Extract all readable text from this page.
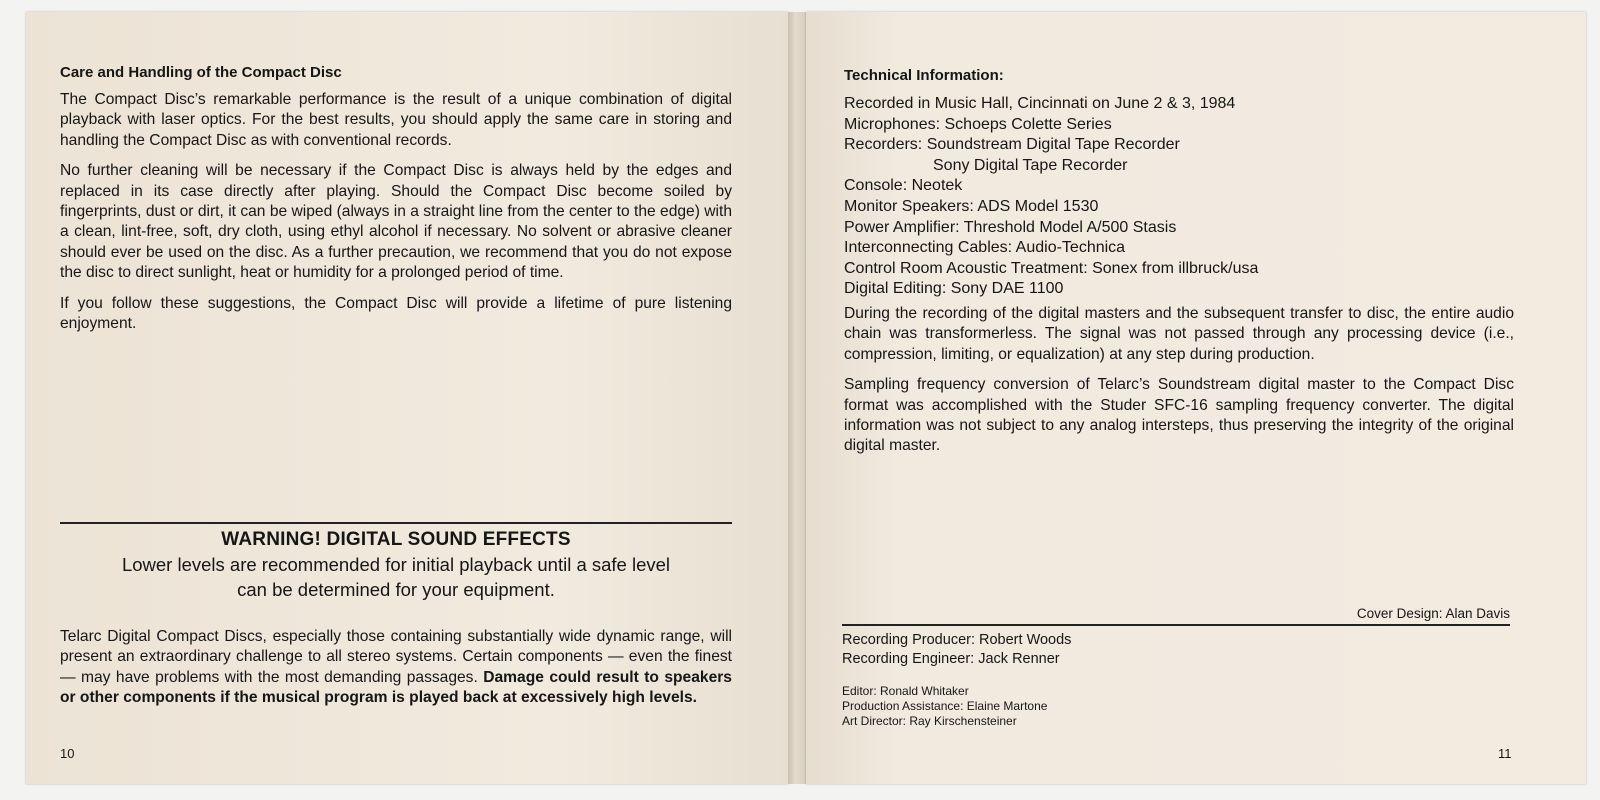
Care and Handling of the Compact Disc

The Compact Disc’s remarkable performance is the result of a unique combination of digital playback with laser optics. For the best results, you should apply the same care in storing and handling the Compact Disc as with conventional records.

No further cleaning will be necessary if the Compact Disc is always held by the edges and replaced in its case directly after playing. Should the Compact Disc become soiled by fingerprints, dust or dirt, it can be wiped (always in a straight line from the center to the edge) with a clean, lint-free, soft, dry cloth, using ethyl alcohol if necessary. No solvent or abrasive cleaner should ever be used on the disc. As a further precaution, we recommend that you do not expose the disc to direct sunlight, heat or humidity for a prolonged period of time.

If you follow these suggestions, the Compact Disc will provide a lifetime of pure listening enjoyment.

WARNING! DIGITAL SOUND EFFECTS
Lower levels are recommended for initial playback until a safe level
can be determined for your equipment.

Telarc Digital Compact Discs, especially those containing substantially wide dynamic range, will present an extraordinary challenge to all stereo systems. Certain components — even the finest — may have problems with the most demanding passages. Damage could result to speakers or other components if the musical program is played back at excessively high levels.

10
Technical Information:
Recorded in Music Hall, Cincinnati on June 2 & 3, 1984
Microphones: Schoeps Colette Series
Recorders: Soundstream Digital Tape Recorder
Sony Digital Tape Recorder
Console: Neotek
Monitor Speakers: ADS Model 1530
Power Amplifier: Threshold Model A/500 Stasis
Interconnecting Cables: Audio-Technica
Control Room Acoustic Treatment: Sonex from illbruck/usa
Digital Editing: Sony DAE 1100

During the recording of the digital masters and the subsequent transfer to disc, the entire audio chain was transformerless. The signal was not passed through any processing device (i.e., compression, limiting, or equalization) at any step during production.

Sampling frequency conversion of Telarc’s Soundstream digital master to the Compact Disc format was accomplished with the Studer SFC-16 sampling frequency converter. The digital information was not subject to any analog intersteps, thus preserving the integrity of the original digital master.

Cover Design: Alan Davis
Recording Producer: Robert Woods
Recording Engineer: Jack Renner
Editor: Ronald Whitaker
Production Assistance: Elaine Martone
Art Director: Ray Kirschensteiner
11
